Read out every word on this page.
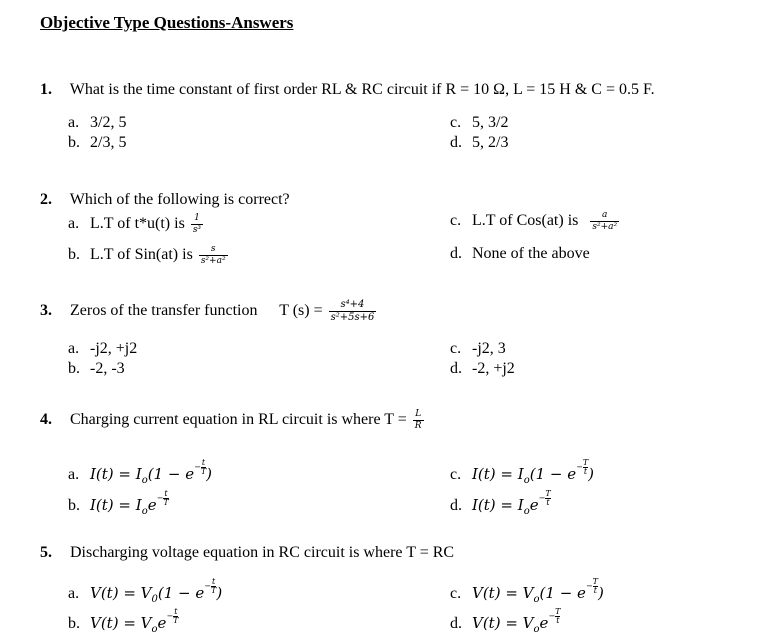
Objective Type Questions-Answers
1. What is the time constant of first order RL & RC circuit if R = 10 Ω, L = 15 H & C = 0.5 F.
a. 3/2, 5
b. 2/3, 5
c. 5, 3/2
d. 5, 2/3
2. Which of the following is correct?
a. L.T of t*u(t) is $\frac{1}{\text{s³}}$
b. L.T of Sin(at) is $\frac{s}{\text{s²+a²}}$
c. L.T of Cos(at) is $\frac{a}{\text{s²+a²}}$
d. None of the above
3. Zeros of the transfer function T $(s) = \frac{\text{s⁴+4}}{\text{s²+5s+6}}$
a. -j2, +j2
b. -2, -3
c. -j2, 3
d. -2, +j2
4. Charging current equation in RL circuit is where $T = \frac{L}{R}$
a. $I(t) = I_o(1 - e- \frac{t}{T}$ )
b. $I(t) = I_oe- \frac{t}{T}$
c. $I(t) = I_o(1 - e- \frac{T}{t}$ )
d. $I(t) = I_oe- \frac{T}{t}$
5. Discharging voltage equation in RC circuit is where T = RC
a. $V(t) = V_0(1 - e- \frac{t}{T}$ )
b. $V(t) = V_oe- \frac{t}{T}$
c. $V(t) = V_o(1 - e- \frac{T}{t}$ )
d. $V(t) = V_oe- \frac{T}{t}$
